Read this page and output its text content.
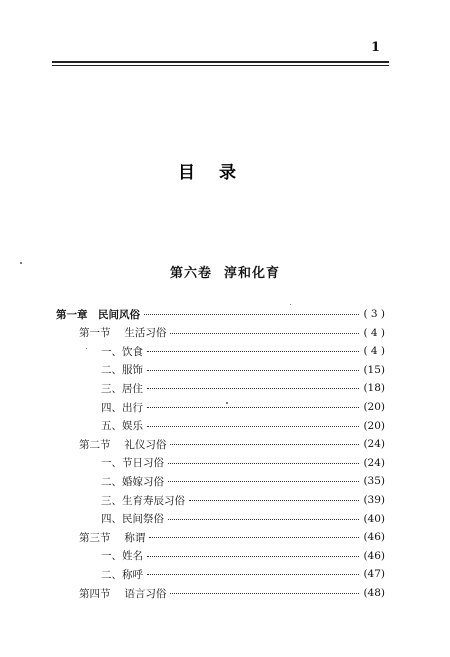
1
目录
第六卷 淳和化育
第一章　民间风俗	( 3 )
第一节　 生活习俗	( 4 )
一、饮食	( 4 )
二、服饰	(15)
三、居住	(18)
四、出行	(20)
五、娱乐	(20)
第二节　 礼仪习俗	(24)
一、节日习俗	(24)
二、婚嫁习俗	(35)
三、生育寿辰习俗	(39)
四、民间祭俗	(40)
第三节　 称谓	(46)
一、姓名	(46)
二、称呼	(47)
第四节　 语言习俗	(48)
